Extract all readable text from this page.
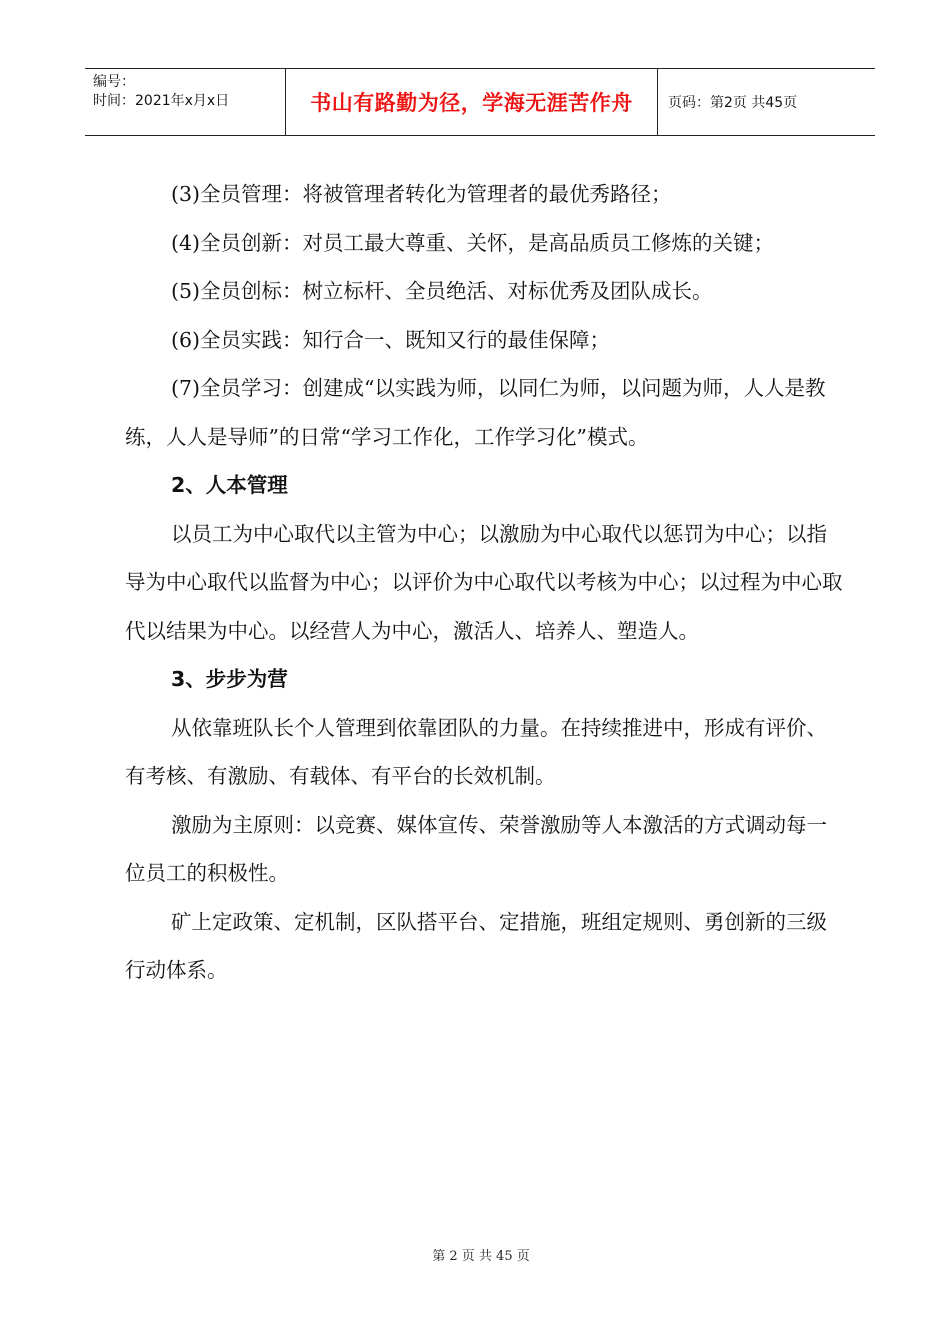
编号：
时间：2021年x月x日	书山有路勤为径，学海无涯苦作舟	页码：第2页 共45页

(3)全员管理：将被管理者转化为管理者的最优秀路径；

(4)全员创新：对员工最大尊重、关怀，是高品质员工修炼的关键；

(5)全员创标：树立标杆、全员绝活、对标优秀及团队成长。

(6)全员实践：知行合一、既知又行的最佳保障；

(7)全员学习：创建成“以实践为师，以同仁为师，以问题为师，人人是教练，人人是导师”的日常“学习工作化，工作学习化”模式。

2、人本管理

以员工为中心取代以主管为中心；以激励为中心取代以惩罚为中心；以指导为中心取代以监督为中心；以评价为中心取代以考核为中心；以过程为中心取代以结果为中心。以经营人为中心，激活人、培养人、塑造人。

3、步步为营

从依靠班队长个人管理到依靠团队的力量。在持续推进中，形成有评价、有考核、有激励、有载体、有平台的长效机制。

激励为主原则：以竞赛、媒体宣传、荣誉激励等人本激活的方式调动每一位员工的积极性。

矿上定政策、定机制，区队搭平台、定措施，班组定规则、勇创新的三级行动体系。

第 2 页 共 45 页
